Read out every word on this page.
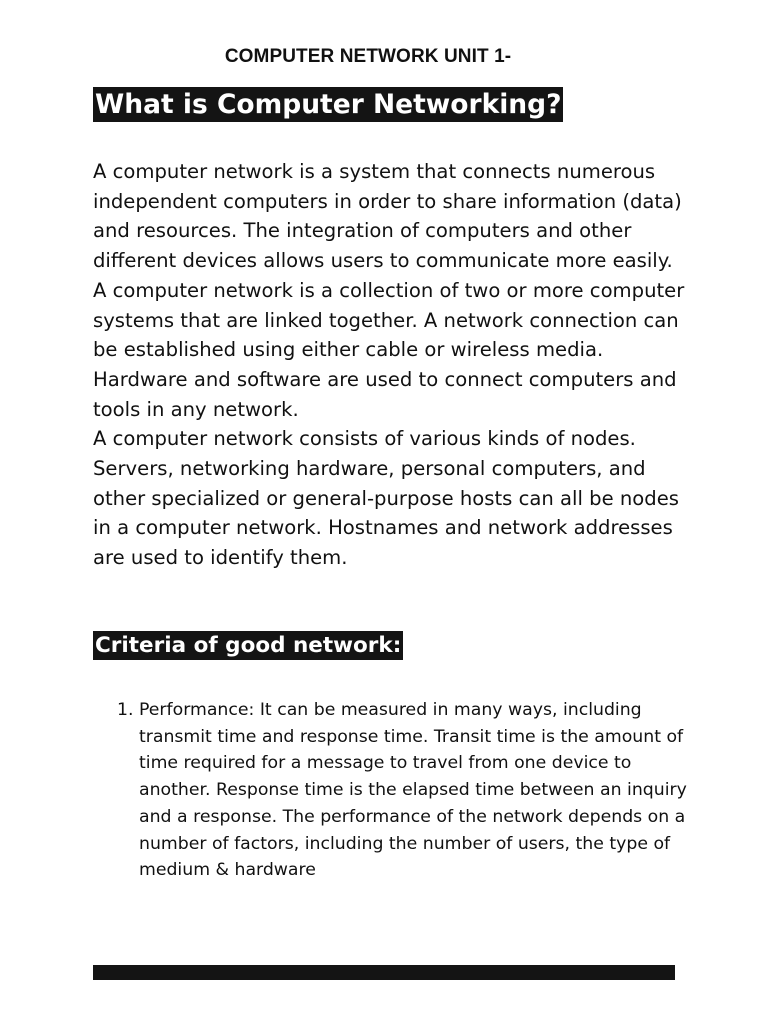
COMPUTER NETWORK UNIT 1-
What is Computer Networking?

A computer network is a system that connects numerous independent computers in order to share information (data) and resources. The integration of computers and other different devices allows users to communicate more easily.

A computer network is a collection of two or more computer systems that are linked together. A network connection can be established using either cable or wireless media. Hardware and software are used to connect computers and tools in any network.

A computer network consists of various kinds of nodes. Servers, networking hardware, personal computers, and other specialized or general-purpose hosts can all be nodes in a computer network. Hostnames and network addresses are used to identify them.

Criteria of good network:
1. Performance: It can be measured in many ways, including transmit time and response time. Transit time is the amount of time required for a message to travel from one device to another. Response time is the elapsed time between an inquiry and a response. The performance of the network depends on a number of factors, including the number of users, the type of medium & hardware
